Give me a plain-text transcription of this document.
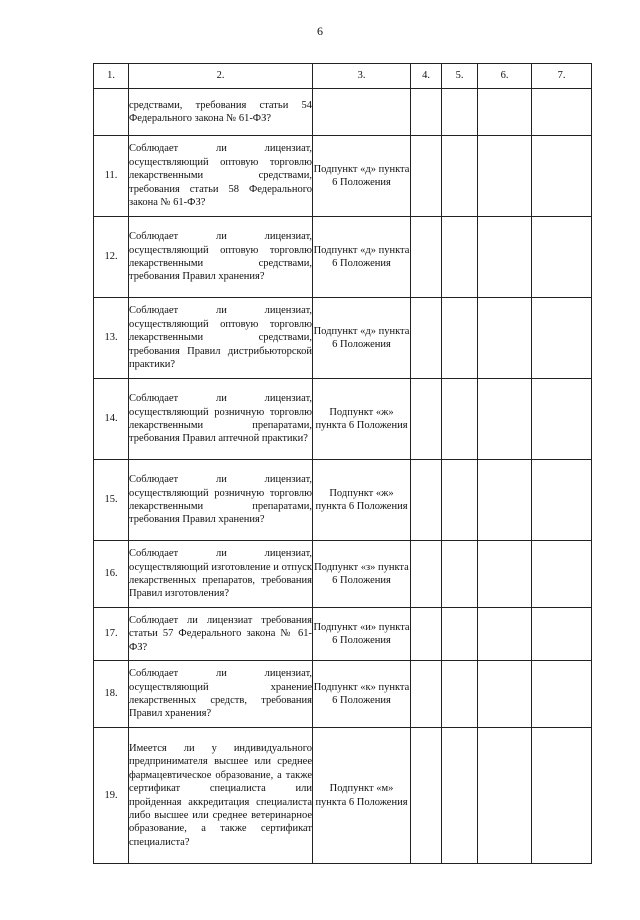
6
1.	2.	3.	4.	5.	6.	7.
	средствами, требования статьи 54 Федерального закона № 61-ФЗ?					
11.	Соблюдает ли лицензиат, осуществляющий оптовую торговлю лекарственными средствами, требования статьи 58 Федерального закона № 61-ФЗ?	Подпункт «д» пункта 6 Положения				
12.	Соблюдает ли лицензиат, осуществляющий оптовую торговлю лекарственными средствами, требования Правил хранения?	Подпункт «д» пункта 6 Положения				
13.	Соблюдает ли лицензиат, осуществляющий оптовую торговлю лекарственными средствами, требования Правил дистрибьюторской практики?	Подпункт «д» пункта 6 Положения				
14.	Соблюдает ли лицензиат, осуществляющий розничную торговлю лекарственными препаратами, требования Правил аптечной практики?	Подпункт «ж» пункта 6 Положения				
15.	Соблюдает ли лицензиат, осуществляющий розничную торговлю лекарственными препаратами, требования Правил хранения?	Подпункт «ж» пункта 6 Положения				
16.	Соблюдает ли лицензиат, осуществляющий изготовление и отпуск лекарственных препаратов, требования Правил изготовления?	Подпункт «з» пункта 6 Положения				
17.	Соблюдает ли лицензиат требования статьи 57 Федерального закона № 61-ФЗ?	Подпункт «и» пункта 6 Положения				
18.	Соблюдает ли лицензиат, осуществляющий хранение лекарственных средств, требования Правил хранения?	Подпункт «к» пункта 6 Положения				
19.	Имеется ли у индивидуального предпринимателя высшее или среднее фармацевтическое образование, а также сертификат специалиста или пройденная аккредитация специалиста либо высшее или среднее ветеринарное образование, а также сертификат специалиста?	Подпункт «м» пункта 6 Положения				
